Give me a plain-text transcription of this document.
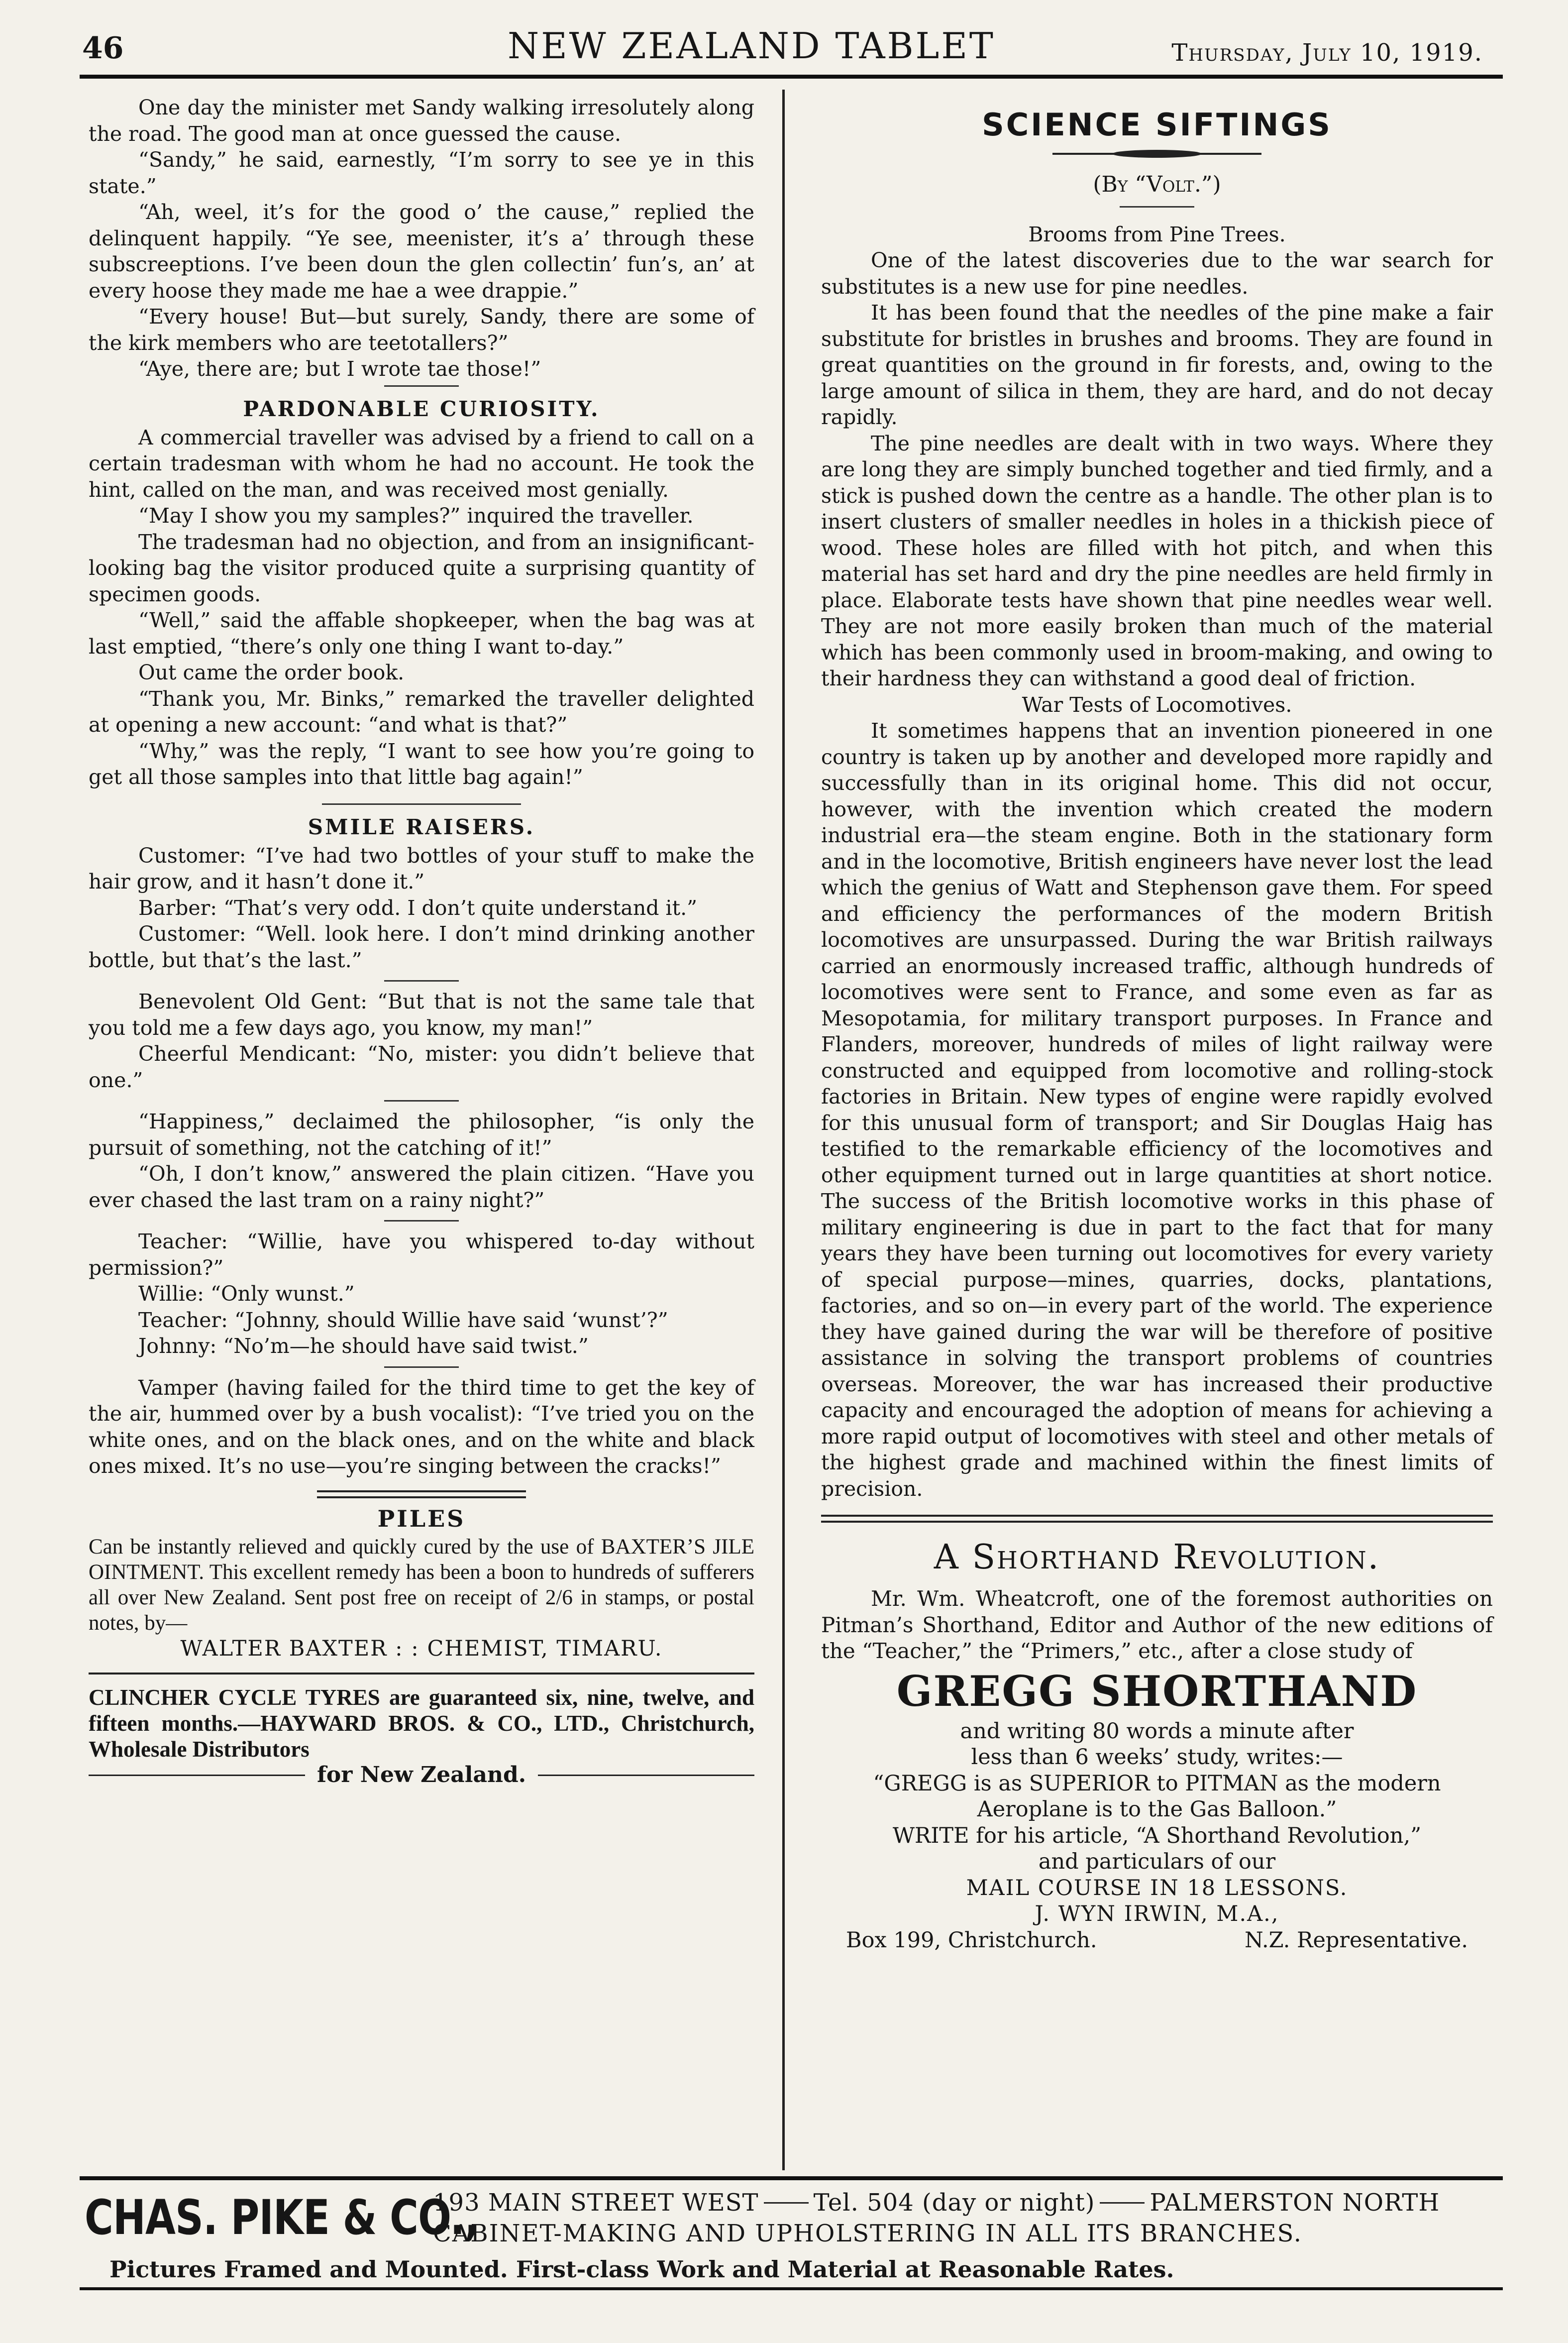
46	NEW ZEALAND TABLET	Thursday, July 10, 1919.

One day the minister met Sandy walking irresolutely along the road. The good man at once guessed the cause.

“Sandy,” he said, earnestly, “I’m sorry to see ye in this state.”

“Ah, weel, it’s for the good o’ the cause,” replied the delinquent happily. “Ye see, meenister, it’s a’ through these subscreeptions. I’ve been doun the glen collectin’ fun’s, an’ at every hoose they made me hae a wee drappie.”

“Every house! But—but surely, Sandy, there are some of the kirk members who are teetotallers?”

“Aye, there are; but I wrote tae those!”

PARDONABLE CURIOSITY.

A commercial traveller was advised by a friend to call on a certain tradesman with whom he had no account. He took the hint, called on the man, and was received most genially.

“May I show you my samples?” inquired the traveller.

The tradesman had no objection, and from an insignificant-looking bag the visitor produced quite a surprising quantity of specimen goods.

“Well,” said the affable shopkeeper, when the bag was at last emptied, “there’s only one thing I want to-day.”

Out came the order book.

“Thank you, Mr. Binks,” remarked the traveller delighted at opening a new account: “and what is that?”

“Why,” was the reply, “I want to see how you’re going to get all those samples into that little bag again!”

SMILE RAISERS.

Customer: “I’ve had two bottles of your stuff to make the hair grow, and it hasn’t done it.”

Barber: “That’s very odd. I don’t quite understand it.”

Customer: “Well. look here. I don’t mind drinking another bottle, but that’s the last.”

Benevolent Old Gent: “But that is not the same tale that you told me a few days ago, you know, my man!”

Cheerful Mendicant: “No, mister: you didn’t believe that one.”

“Happiness,” declaimed the philosopher, “is only the pursuit of something, not the catching of it!”

“Oh, I don’t know,” answered the plain citizen. “Have you ever chased the last tram on a rainy night?”

Teacher: “Willie, have you whispered to-day without permission?”

Willie: “Only wunst.”

Teacher: “Johnny, should Willie have said ‘wunst’?”

Johnny: “No’m—he should have said twist.”

Vamper (having failed for the third time to get the key of the air, hummed over by a bush vocalist): “I’ve tried you on the white ones, and on the black ones, and on the white and black ones mixed. It’s no use—you’re singing between the cracks!”

PILES

Can be instantly relieved and quickly cured by the use of BAXTER’S JILE OINTMENT. This excellent remedy has been a boon to hundreds of sufferers all over New Zealand. Sent post free on receipt of 2/6 in stamps, or postal notes, by—

WALTER BAXTER : : CHEMIST, TIMARU.

CLINCHER CYCLE TYRES are guaranteed six, nine, twelve, and fifteen months.—HAYWARD BROS. & CO., LTD., Christchurch, Wholesale Distributors

for New Zealand.
SCIENCE SIFTINGS

(By “Volt.”)

Brooms from Pine Trees.

One of the latest discoveries due to the war search for substitutes is a new use for pine needles.

It has been found that the needles of the pine make a fair substitute for bristles in brushes and brooms. They are found in great quantities on the ground in fir forests, and, owing to the large amount of silica in them, they are hard, and do not decay rapidly.

The pine needles are dealt with in two ways. Where they are long they are simply bunched together and tied firmly, and a stick is pushed down the centre as a handle. The other plan is to insert clusters of smaller needles in holes in a thickish piece of wood. These holes are filled with hot pitch, and when this material has set hard and dry the pine needles are held firmly in place. Elaborate tests have shown that pine needles wear well. They are not more easily broken than much of the material which has been commonly used in broom-making, and owing to their hardness they can withstand a good deal of friction.

War Tests of Locomotives.

It sometimes happens that an invention pioneered in one country is taken up by another and developed more rapidly and successfully than in its original home. This did not occur, however, with the invention which created the modern industrial era—the steam engine. Both in the stationary form and in the locomotive, British engineers have never lost the lead which the genius of Watt and Stephenson gave them. For speed and efficiency the performances of the modern British locomotives are unsurpassed. During the war British railways carried an enormously increased traffic, although hundreds of locomotives were sent to France, and some even as far as Mesopotamia, for military transport purposes. In France and Flanders, moreover, hundreds of miles of light railway were constructed and equipped from locomotive and rolling-stock factories in Britain. New types of engine were rapidly evolved for this unusual form of transport; and Sir Douglas Haig has testified to the remarkable efficiency of the locomotives and other equipment turned out in large quantities at short notice. The success of the British locomotive works in this phase of military engineering is due in part to the fact that for many years they have been turning out locomotives for every variety of special purpose—mines, quarries, docks, plantations, factories, and so on—in every part of the world. The experience they have gained during the war will be therefore of positive assistance in solving the transport problems of countries overseas. Moreover, the war has increased their productive capacity and encouraged the adoption of means for achieving a more rapid output of locomotives with steel and other metals of the highest grade and machined within the finest limits of precision.

A Shorthand Revolution.

Mr. Wm. Wheatcroft, one of the foremost authorities on Pitman’s Shorthand, Editor and Author of the new editions of the “Teacher,” the “Primers,” etc., after a close study of

GREGG SHORTHAND

and writing 80 words a minute after

less than 6 weeks’ study, writes:—

“GREGG is as SUPERIOR to PITMAN as the modern

Aeroplane is to the Gas Balloon.”

WRITE for his article, “A Shorthand Revolution,”

and particulars of our

MAIL COURSE IN 18 LESSONS.

J. WYN IRWIN, M.A.,

Box 199, Christchurch.	N.Z. Representative.
CHAS. PIKE & CO.,
193 MAIN STREET WEST Tel. 504 (day or night) PALMERSTON NORTH
CABINET-MAKING AND UPHOLSTERING IN ALL ITS BRANCHES.
Pictures Framed and Mounted. First-class Work and Material at Reasonable Rates.
